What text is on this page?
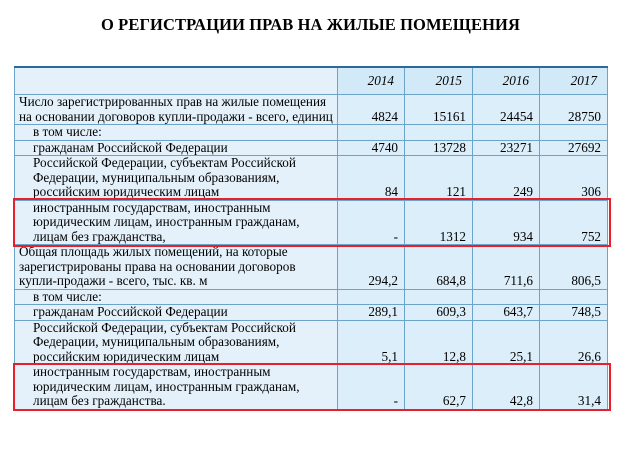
О РЕГИСТРАЦИИ ПРАВ НА ЖИЛЫЕ ПОМЕЩЕНИЯ
	2014	2015	2016	2017
Число зарегистрированных прав на жилые помещения на основании договоров купли-продажи - всего, единиц	4824	15161	24454	28750
в том числе:				
гражданам Российской Федерации	4740	13728	23271	27692
Российской Федерации, субъектам Российской Федерации, муниципальным образованиям, российским юридическим лицам	84	121	249	306
иностранным государствам, иностранным юридическим лицам, иностранным гражданам, лицам без гражданства,	-	1312	934	752
Общая площадь жилых помещений, на которые зарегистрированы права на основании договоров купли-продажи - всего, тыс. кв. м	294,2	684,8	711,6	806,5
в том числе:				
гражданам Российской Федерации	289,1	609,3	643,7	748,5
Российской Федерации, субъектам Российской Федерации, муниципальным образованиям, российским юридическим лицам	5,1	12,8	25,1	26,6
иностранным государствам, иностранным юридическим лицам, иностранным гражданам, лицам без гражданства.	-	62,7	42,8	31,4
